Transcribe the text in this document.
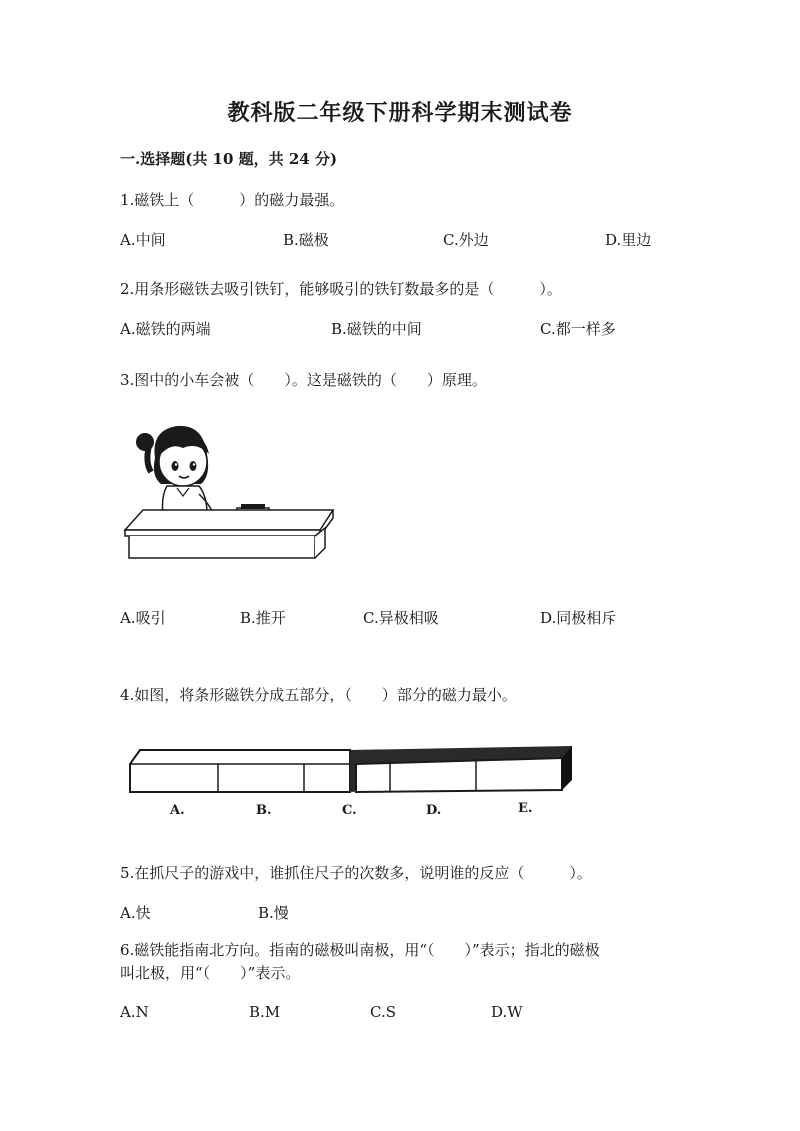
教科版二年级下册科学期末测试卷
一.选择题(共 10 题，共 24 分)
1.磁铁上（　　　）的磁力最强。
A.中间	B.磁极	C.外边	D.里边
2.用条形磁铁去吸引铁钉，能够吸引的铁钉数最多的是（　　　）。
A.磁铁的两端	B.磁铁的中间	C.都一样多
3.图中的小车会被（　　）。这是磁铁的（　　）原理。
A.吸引	B.推开	C.异极相吸	D.同极相斥
4.如图，将条形磁铁分成五部分，（　　）部分的磁力最小。
A.	B.	C.	D.	E.
5.在抓尺子的游戏中，谁抓住尺子的次数多，说明谁的反应（　　　）。
A.快	B.慢
6.磁铁能指南北方向。指南的磁极叫南极，用“（　　）”表示；指北的磁极
叫北极，用“（　　）”表示。
A.N	B.M	C.S	D.W
